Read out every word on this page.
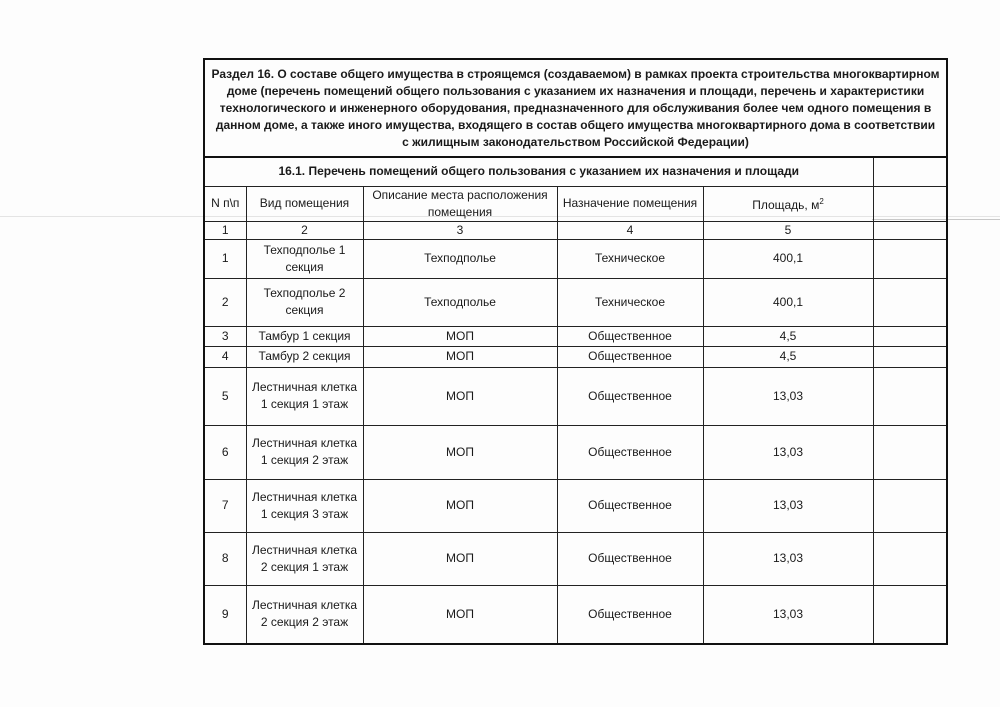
Раздел 16. О составе общего имущества в строящемся (создаваемом) в рамках проекта строительства многоквартирном доме (перечень помещений общего пользования с указанием их назначения и площади, перечень и характеристики технологического и инженерного оборудования, предназначенного для обслуживания более чем одного помещения в данном доме, а также иного имущества, входящего в состав общего имущества многоквартирного дома в соответствии с жилищным законодательством Российской Федерации)					
16.1. Перечень помещений общего пользования с указанием их назначения и площади					
N п\п	Вид помещения	Описание места расположения помещения	Назначение помещения	Площадь, $м^2$	
1	2	3	4	5	
1	Техподполье 1 секция	Техподполье	Техническое	400,1	
2	Техподполье 2 секция	Техподполье	Техническое	400,1	
3	Тамбур 1 секция	МОП	Общественное	4,5	
4	Тамбур 2 секция	МОП	Общественное	4,5	
5	Лестничная клетка 1 секция 1 этаж	МОП	Общественное	13,03	
6	Лестничная клетка 1 секция 2 этаж	МОП	Общественное	13,03	
7	Лестничная клетка 1 секция 3 этаж	МОП	Общественное	13,03	
8	Лестничная клетка 2 секция 1 этаж	МОП	Общественное	13,03	
9	Лестничная клетка 2 секция 2 этаж	МОП	Общественное	13,03	
